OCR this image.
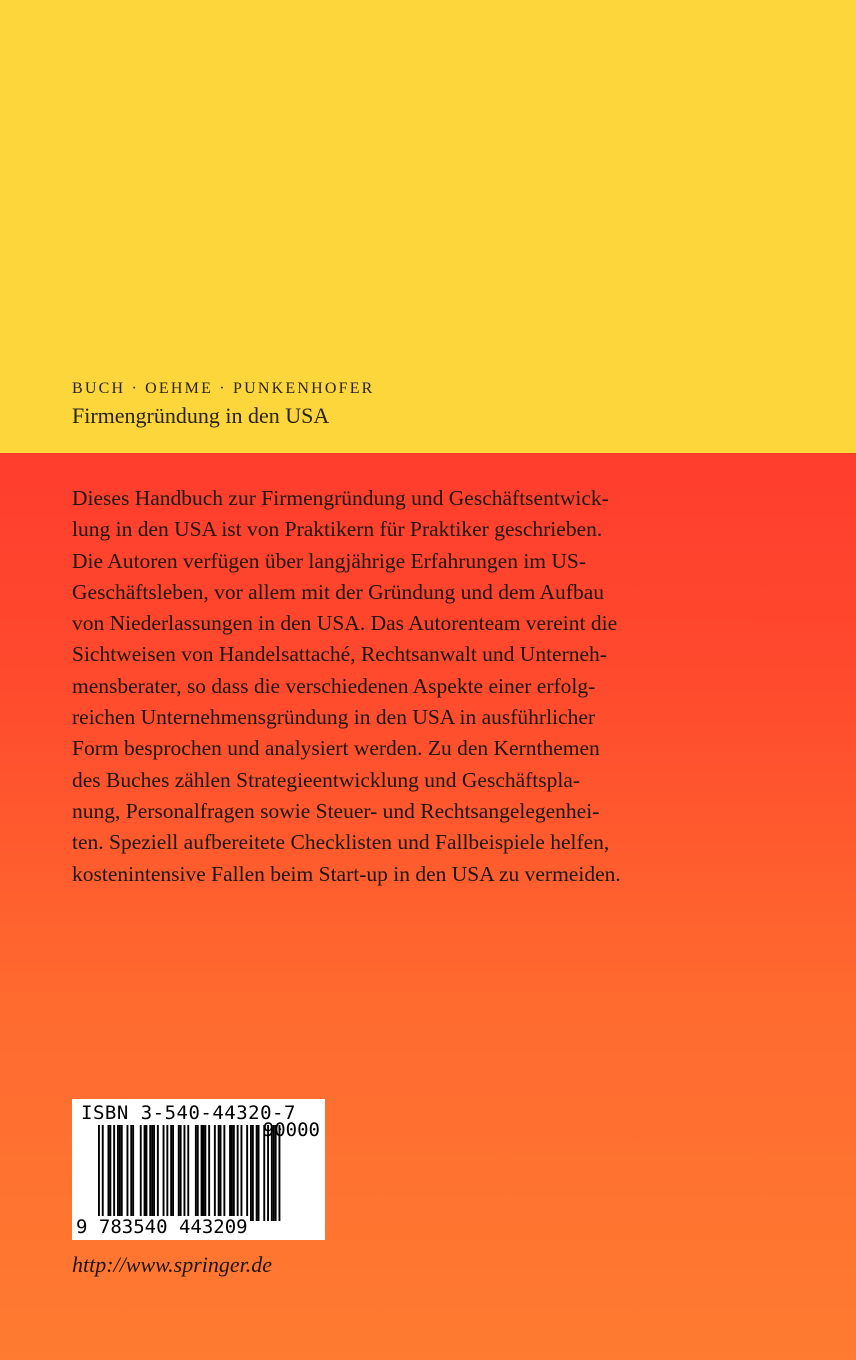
BUCH · OEHME · PUNKENHOFER
Firmengründung in den USA
Dieses Handbuch zur Firmengründung und Geschäftsentwick-
lung in den USA ist von Praktikern für Praktiker geschrieben.
Die Autoren verfügen über langjährige Erfahrungen im US-
Geschäftsleben, vor allem mit der Gründung und dem Aufbau
von Niederlassungen in den USA. Das Autorenteam vereint die
Sichtweisen von Handelsattaché, Rechtsanwalt und Unterneh-
mensberater, so dass die verschiedenen Aspekte einer erfolg-
reichen Unternehmensgründung in den USA in ausführlicher
Form besprochen und analysiert werden. Zu den Kernthemen
des Buches zählen Strategieentwicklung und Geschäftspla-
nung, Personalfragen sowie Steuer- und Rechtsangelegenhei-
ten. Speziell aufbereitete Checklisten und Fallbeispiele helfen,
kostenintensive Fallen beim Start-up in den USA zu vermeiden.
ISBN 3-540-44320-7
90000
9 783540 443209
http://www.springer.de
